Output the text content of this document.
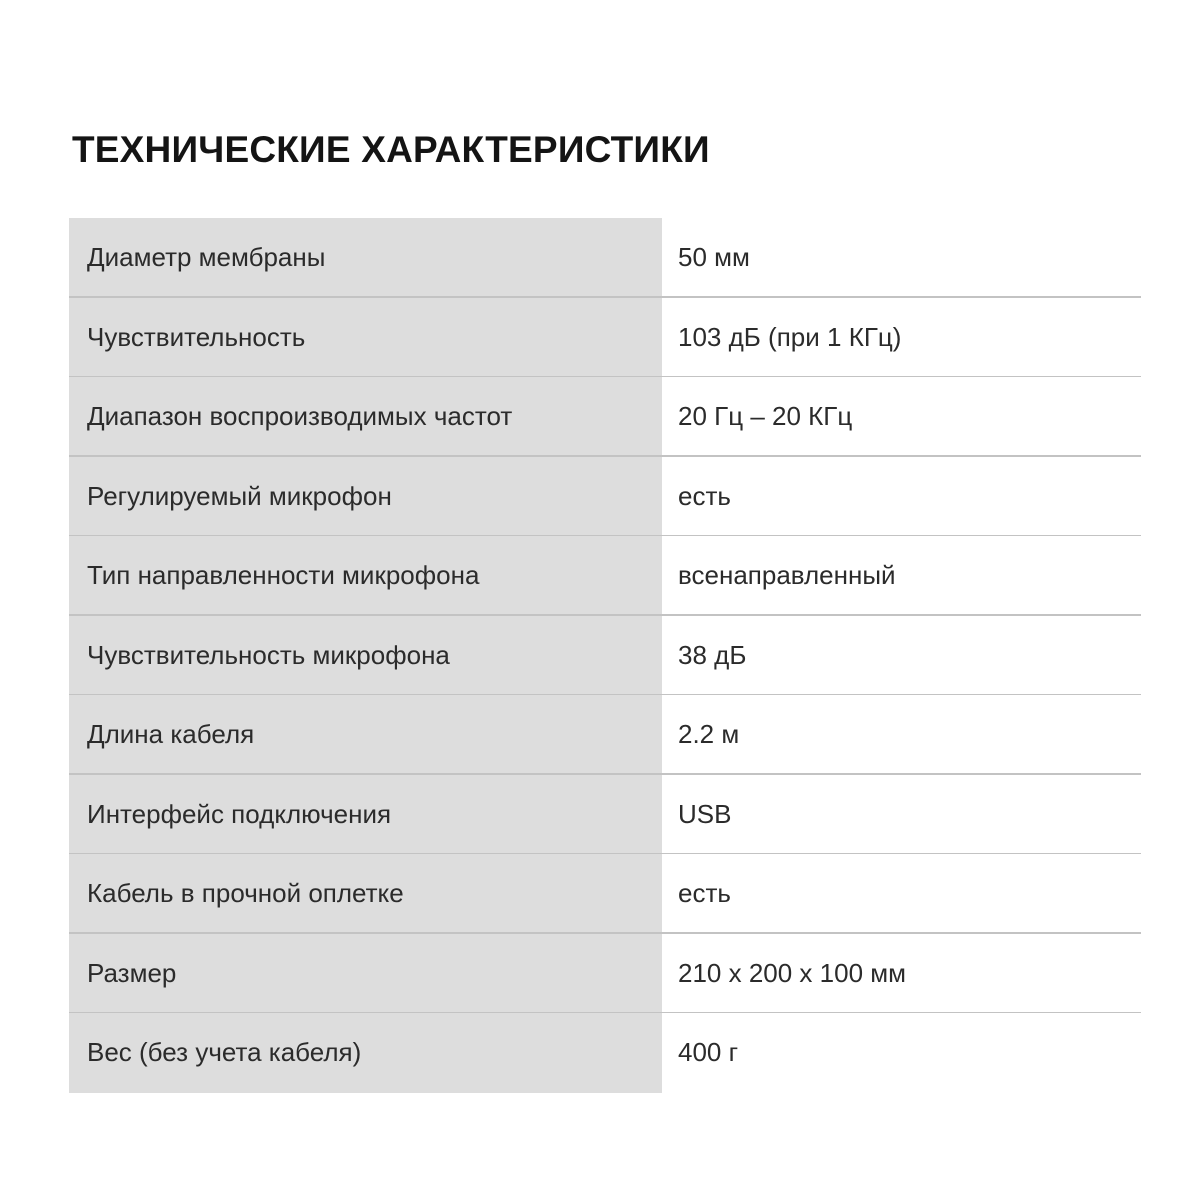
ТЕХНИЧЕСКИЕ ХАРАКТЕРИСТИКИ
Диаметр мембраны	50 мм
Чувствительность	103 дБ (при 1 КГц)
Диапазон воспроизводимых частот	20 Гц – 20 КГц
Регулируемый микрофон	есть
Тип направленности микрофона	всенаправленный
Чувствительность микрофона	38 дБ
Длина кабеля	2.2 м
Интерфейс подключения	USB
Кабель в прочной оплетке	есть
Размер	210 x 200 x 100 мм
Вес (без учета кабеля)	400 г
